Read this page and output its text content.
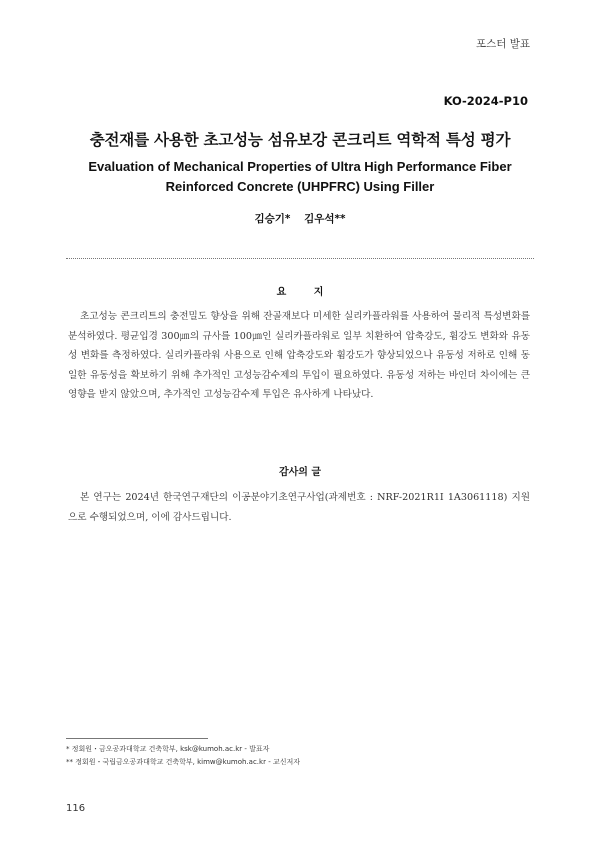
포스터 발표
KO-2024-P10
충전재를 사용한 초고성능 섬유보강 콘크리트 역학적 특성 평가
Evaluation of Mechanical Properties of Ultra High Performance Fiber Reinforced Concrete (UHPFRC) Using Filler
김승기* 김우석**
요 지
초고성능 콘크리트의 충전밀도 향상을 위해 잔골재보다 미세한 실리카플라워를 사용하여 물리적 특성변화를 분석하였다. 평균입경 300㎛의 규사를 100㎛인 실리카플라워로 일부 치환하여 압축강도, 휨강도 변화와 유동성 변화를 측정하였다. 실리카플라워 사용으로 인해 압축강도와 휨강도가 향상되었으나 유동성 저하로 인해 동일한 유동성을 확보하기 위해 추가적인 고성능감수제의 투입이 필요하였다. 유동성 저하는 바인더 차이에는 큰 영향을 받지 않았으며, 추가적인 고성능감수제 투입은 유사하게 나타났다.
감사의 글
본 연구는 2024년 한국연구재단의 이공분야기초연구사업(과제번호 : NRF-2021R1I 1A3061118) 지원으로 수행되었으며, 이에 감사드립니다.
* 정회원・금오공과대학교 건축학부, ksk@kumoh.ac.kr - 발표자
** 정회원・국립금오공과대학교 건축학부, kimw@kumoh.ac.kr - 교신저자
116
